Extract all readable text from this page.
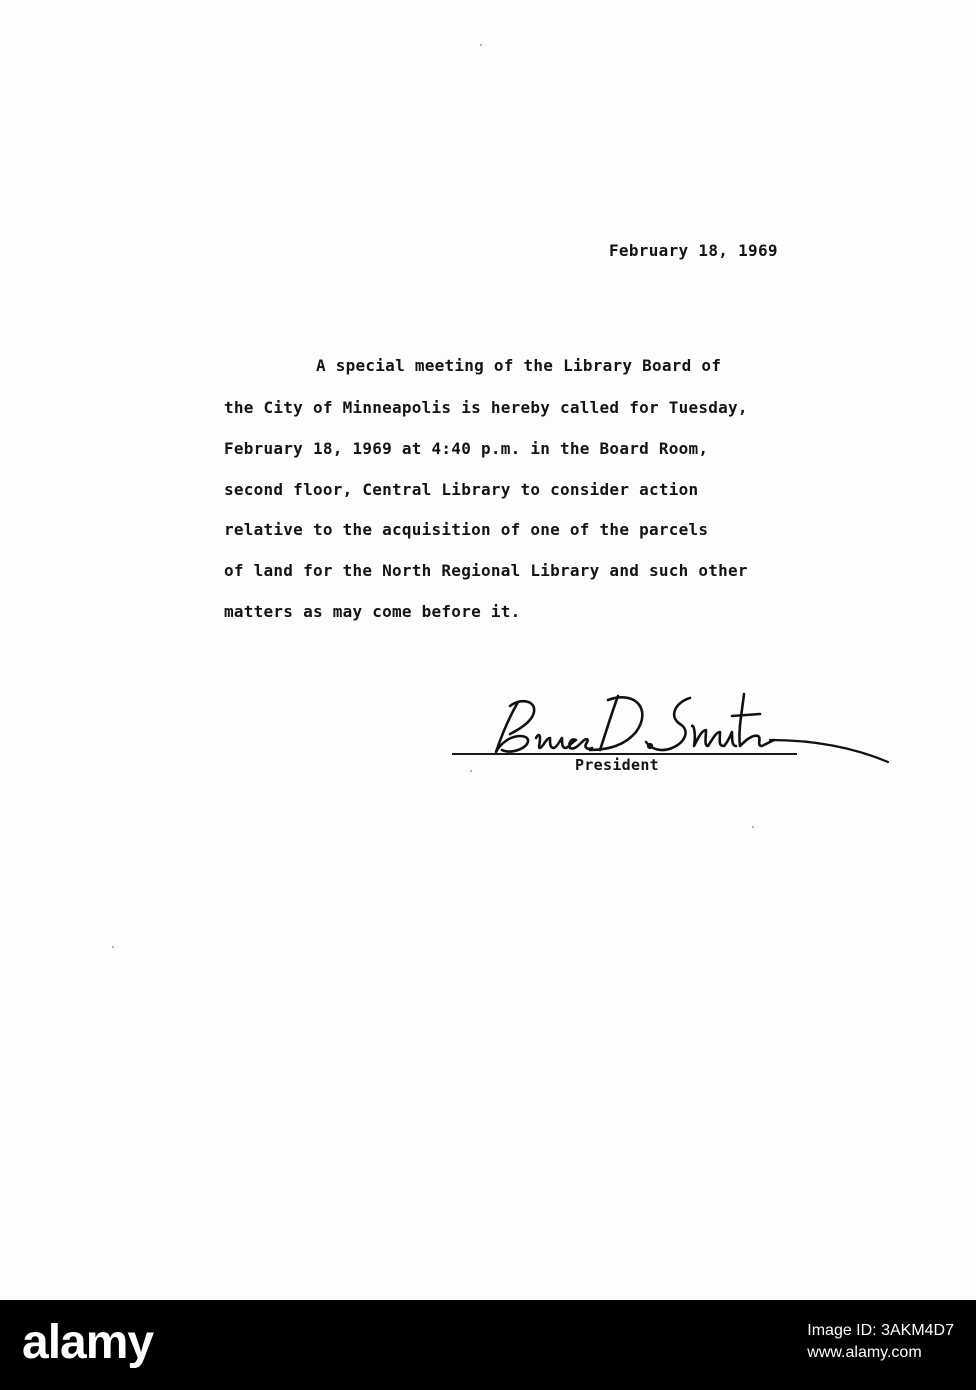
February 18, 1969
A special meeting of the Library Board of
the City of Minneapolis is hereby called for Tuesday,
February 18, 1969 at 4:40 p.m. in the Board Room,
second floor, Central Library to consider action
relative to the acquisition of one of the parcels
of land for the North Regional Library and such other
matters as may come before it.
President
alamy	Image ID: 3AKM4D7
www.alamy.com
